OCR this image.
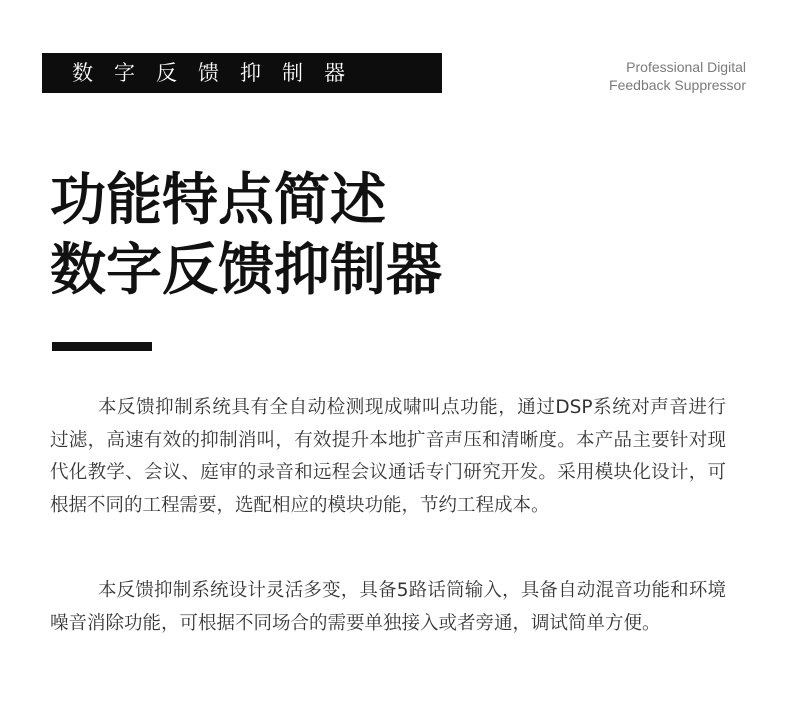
数字反馈抑制器	Professional Digital
Feedback Suppressor
功能特点简述
数字反馈抑制器

本反馈抑制系统具有全自动检测现成啸叫点功能，通过DSP系统对声音进行过滤，高速有效的抑制消叫，有效提升本地扩音声压和清晰度。本产品主要针对现代化教学、会议、庭审的录音和远程会议通话专门研究开发。采用模块化设计，可根据不同的工程需要，选配相应的模块功能，节约工程成本。

本反馈抑制系统设计灵活多变，具备5路话筒输入，具备自动混音功能和环境噪音消除功能，可根据不同场合的需要单独接入或者旁通，调试简单方便。
